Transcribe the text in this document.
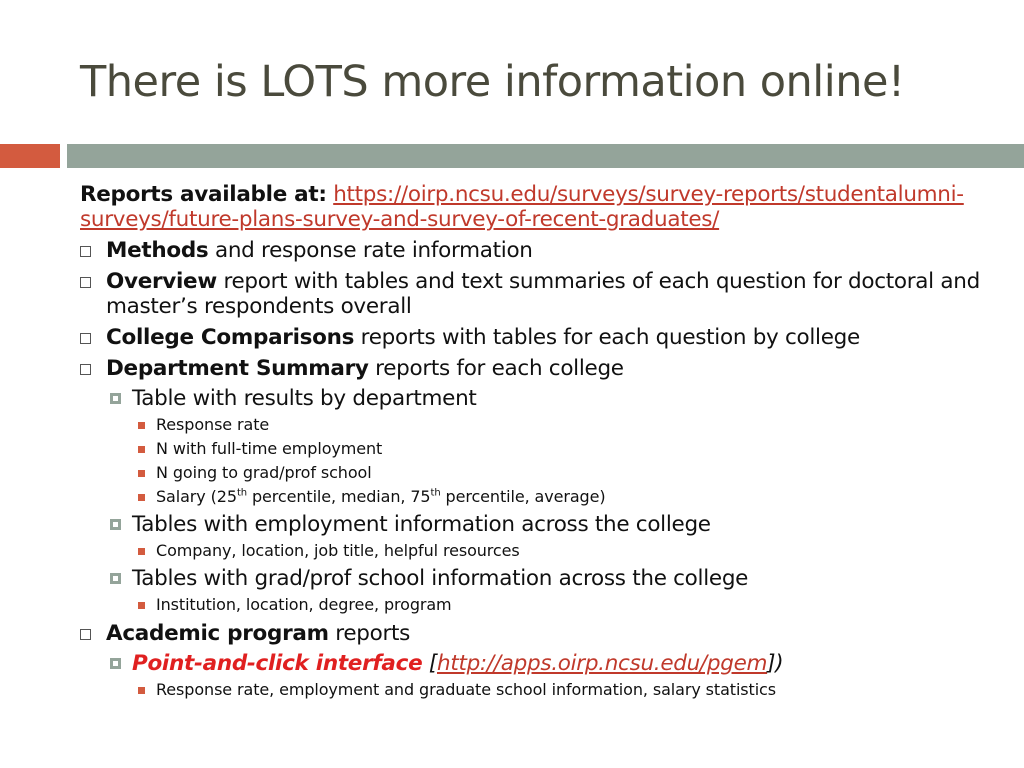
There is LOTS more information online!
Reports available at: https://oirp.ncsu.edu/surveys/survey-reports/studentalumni-surveys/future-plans-survey-and-survey-of-recent-graduates/
Methods and response rate information
Overview report with tables and text summaries of each question for doctoral and master’s respondents overall
College Comparisons reports with tables for each question by college
Department Summary reports for each college
Table with results by department
Response rate
N with full-time employment
N going to grad/prof school
Salary (25th percentile, median, 75th percentile, average)
Tables with employment information across the college
Company, location, job title, helpful resources
Tables with grad/prof school information across the college
Institution, location, degree, program
Academic program reports
Point-and-click interface [http://apps.oirp.ncsu.edu/pgem])
Response rate, employment and graduate school information, salary statistics
